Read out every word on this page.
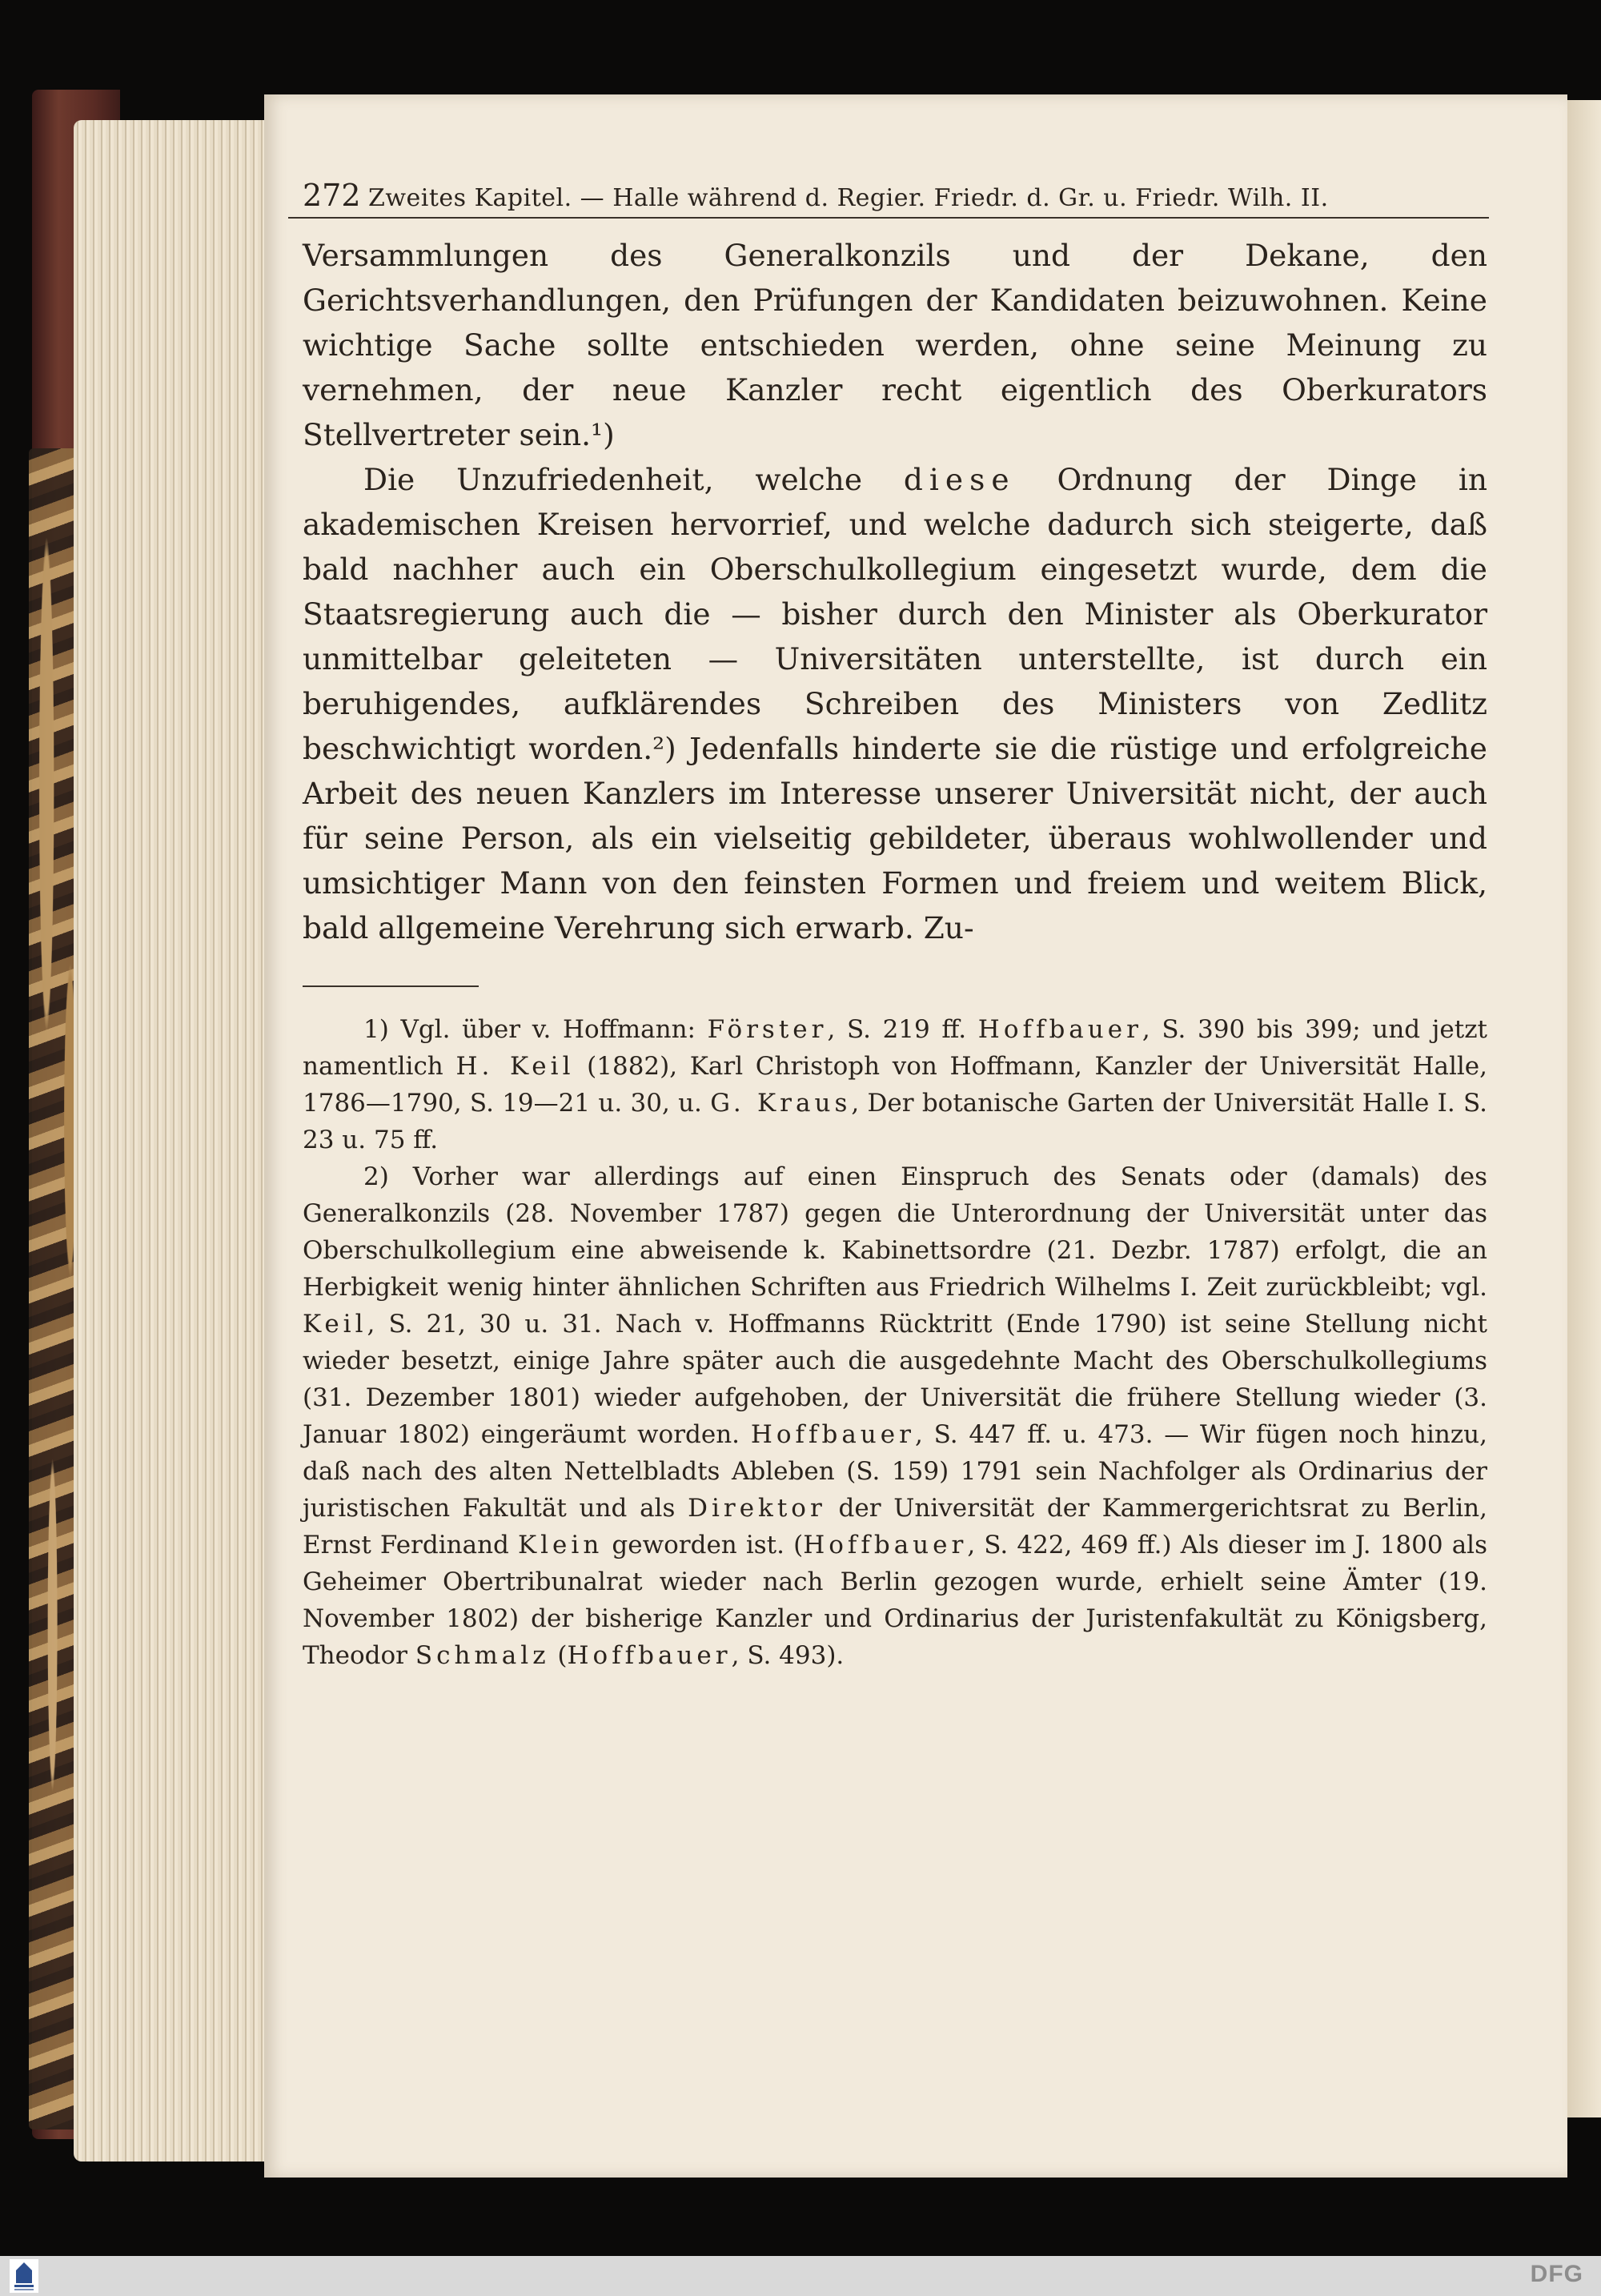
272 Zweites Kapitel. — Halle während d. Regier. Friedr. d. Gr. u. Friedr. Wilh. II.

Versammlungen des Generalkonzils und der Dekane, den Gerichtsverhandlungen, den Prüfungen der Kandidaten beizuwohnen. Keine wichtige Sache sollte entschieden werden, ohne seine Meinung zu vernehmen, der neue Kanzler recht eigentlich des Oberkurators Stellvertreter sein.¹)

Die Unzufriedenheit, welche diese Ordnung der Dinge in akademischen Kreisen hervorrief, und welche dadurch sich steigerte, daß bald nachher auch ein Oberschulkollegium eingesetzt wurde, dem die Staatsregierung auch die — bisher durch den Minister als Oberkurator unmittelbar geleiteten — Universitäten unterstellte, ist durch ein beruhigendes, aufklärendes Schreiben des Ministers von Zedlitz beschwichtigt worden.²) Jedenfalls hinderte sie die rüstige und erfolgreiche Arbeit des neuen Kanzlers im Interesse unserer Universität nicht, der auch für seine Person, als ein vielseitig gebildeter, überaus wohlwollender und umsichtiger Mann von den feinsten Formen und freiem und weitem Blick, bald allgemeine Verehrung sich erwarb. Zu-

1) Vgl. über v. Hoffmann: Förster, S. 219 ff. Hoffbauer, S. 390 bis 399; und jetzt namentlich H. Keil (1882), Karl Christoph von Hoffmann, Kanzler der Universität Halle, 1786—1790, S. 19—21 u. 30, u. G. Kraus, Der botanische Garten der Universität Halle I. S. 23 u. 75 ff.

2) Vorher war allerdings auf einen Einspruch des Senats oder (damals) des Generalkonzils (28. November 1787) gegen die Unterordnung der Universität unter das Oberschulkollegium eine abweisende k. Kabinettsordre (21. Dezbr. 1787) erfolgt, die an Herbigkeit wenig hinter ähnlichen Schriften aus Friedrich Wilhelms I. Zeit zurückbleibt; vgl. Keil, S. 21, 30 u. 31. Nach v. Hoffmanns Rücktritt (Ende 1790) ist seine Stellung nicht wieder besetzt, einige Jahre später auch die ausgedehnte Macht des Oberschulkollegiums (31. Dezember 1801) wieder aufgehoben, der Universität die frühere Stellung wieder (3. Januar 1802) eingeräumt worden. Hoffbauer, S. 447 ff. u. 473. — Wir fügen noch hinzu, daß nach des alten Nettelbladts Ableben (S. 159) 1791 sein Nachfolger als Ordinarius der juristischen Fakultät und als Direktor der Universität der Kammergerichtsrat zu Berlin, Ernst Ferdinand Klein geworden ist. (Hoffbauer, S. 422, 469 ff.) Als dieser im J. 1800 als Geheimer Obertribunalrat wieder nach Berlin gezogen wurde, erhielt seine Ämter (19. November 1802) der bisherige Kanzler und Ordinarius der Juristenfakultät zu Königsberg, Theodor Schmalz (Hoffbauer, S. 493).

DFG
